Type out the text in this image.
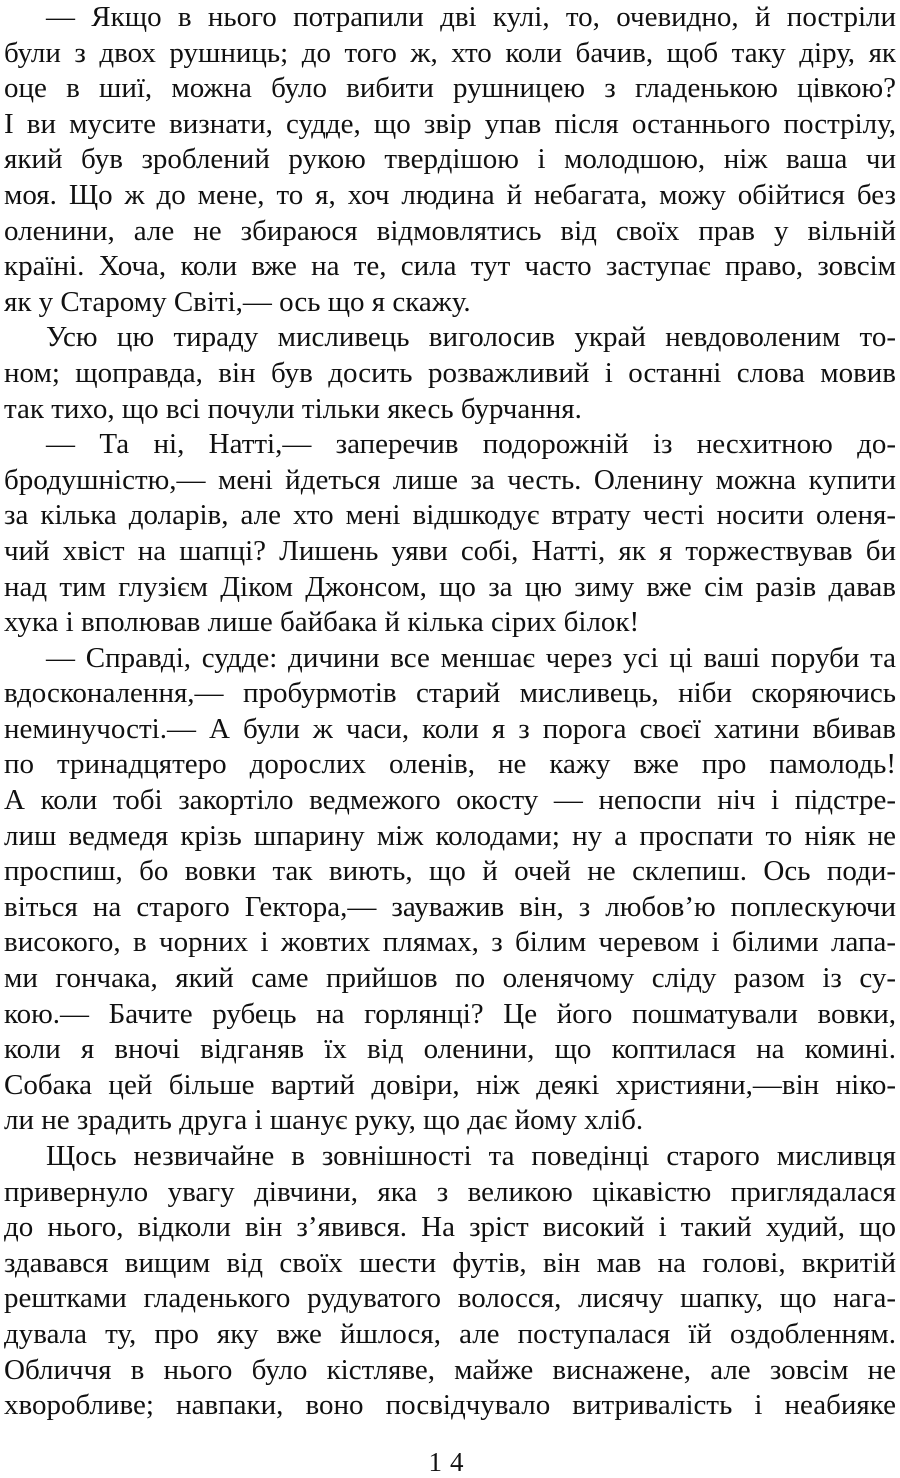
— Якщо в нього потрапили дві кулі, то, очевидно, й постріли
були з двох рушниць; до того ж, хто коли бачив, щоб таку діру, як
оце в шиї, можна було вибити рушницею з гладенькою цівкою?
І ви мусите визнати, судде, що звір упав після останнього пострілу,
який був зроблений рукою твердішою і молодшою, ніж ваша чи
моя. Що ж до мене, то я, хоч людина й небагата, можу обійтися без
оленини, але не збираюся відмовлятись від своїх прав у вільній
країні. Хоча, коли вже на те, сила тут часто заступає право, зовсім
як у Старому Світі,— ось що я скажу.
Усю цю тираду мисливець виголосив украй невдоволеним то-
ном; щоправда, він був досить розважливий і останні слова мовив
так тихо, що всі почули тільки якесь бурчання.
— Та ні, Натті,— заперечив подорожній із несхитною до-
бродушністю,— мені йдеться лише за честь. Оленину можна купити
за кілька доларів, але хто мені відшкодує втрату честі носити оленя-
чий хвіст на шапці? Лишень уяви собі, Натті, як я торжествував би
над тим глузієм Діком Джонсом, що за цю зиму вже сім разів давав
хука і вполював лише байбака й кілька сірих білок!
— Справді, судде: дичини все меншає через усі ці ваші поруби та
вдосконалення,— пробурмотів старий мисливець, ніби скоряючись
неминучості.— А були ж часи, коли я з порога своєї хатини вбивав
по тринадцятеро дорослих оленів, не кажу вже про памолодь!
А коли тобі закортіло ведмежого окосту — непоспи ніч і підстре-
лиш ведмедя крізь шпарину між колодами; ну а проспати то ніяк не
проспиш, бо вовки так виють, що й очей не склепиш. Ось поди-
віться на старого Гектора,— зауважив він, з любов’ю поплескуючи
високого, в чорних і жовтих плямах, з білим черевом і білими лапа-
ми гончака, який саме прийшов по оленячому сліду разом із су-
кою.— Бачите рубець на горлянці? Це його пошматували вовки,
коли я вночі відганяв їх від оленини, що коптилася на комині.
Собака цей більше вартий довіри, ніж деякі християни,—він ніко-
ли не зрадить друга і шанує руку, що дає йому хліб.
Щось незвичайне в зовнішності та поведінці старого мисливця
привернуло увагу дівчини, яка з великою цікавістю приглядалася
до нього, відколи він з’явився. На зріст високий і такий худий, що
здавався вищим від своїх шести футів, він мав на голові, вкритій
рештками гладенького рудуватого волосся, лисячу шапку, що нага-
дувала ту, про яку вже йшлося, але поступалася їй оздобленням.
Обличчя в нього було кістляве, майже виснажене, але зовсім не
хворобливе; навпаки, воно посвідчувало витривалість і неабияке
14
